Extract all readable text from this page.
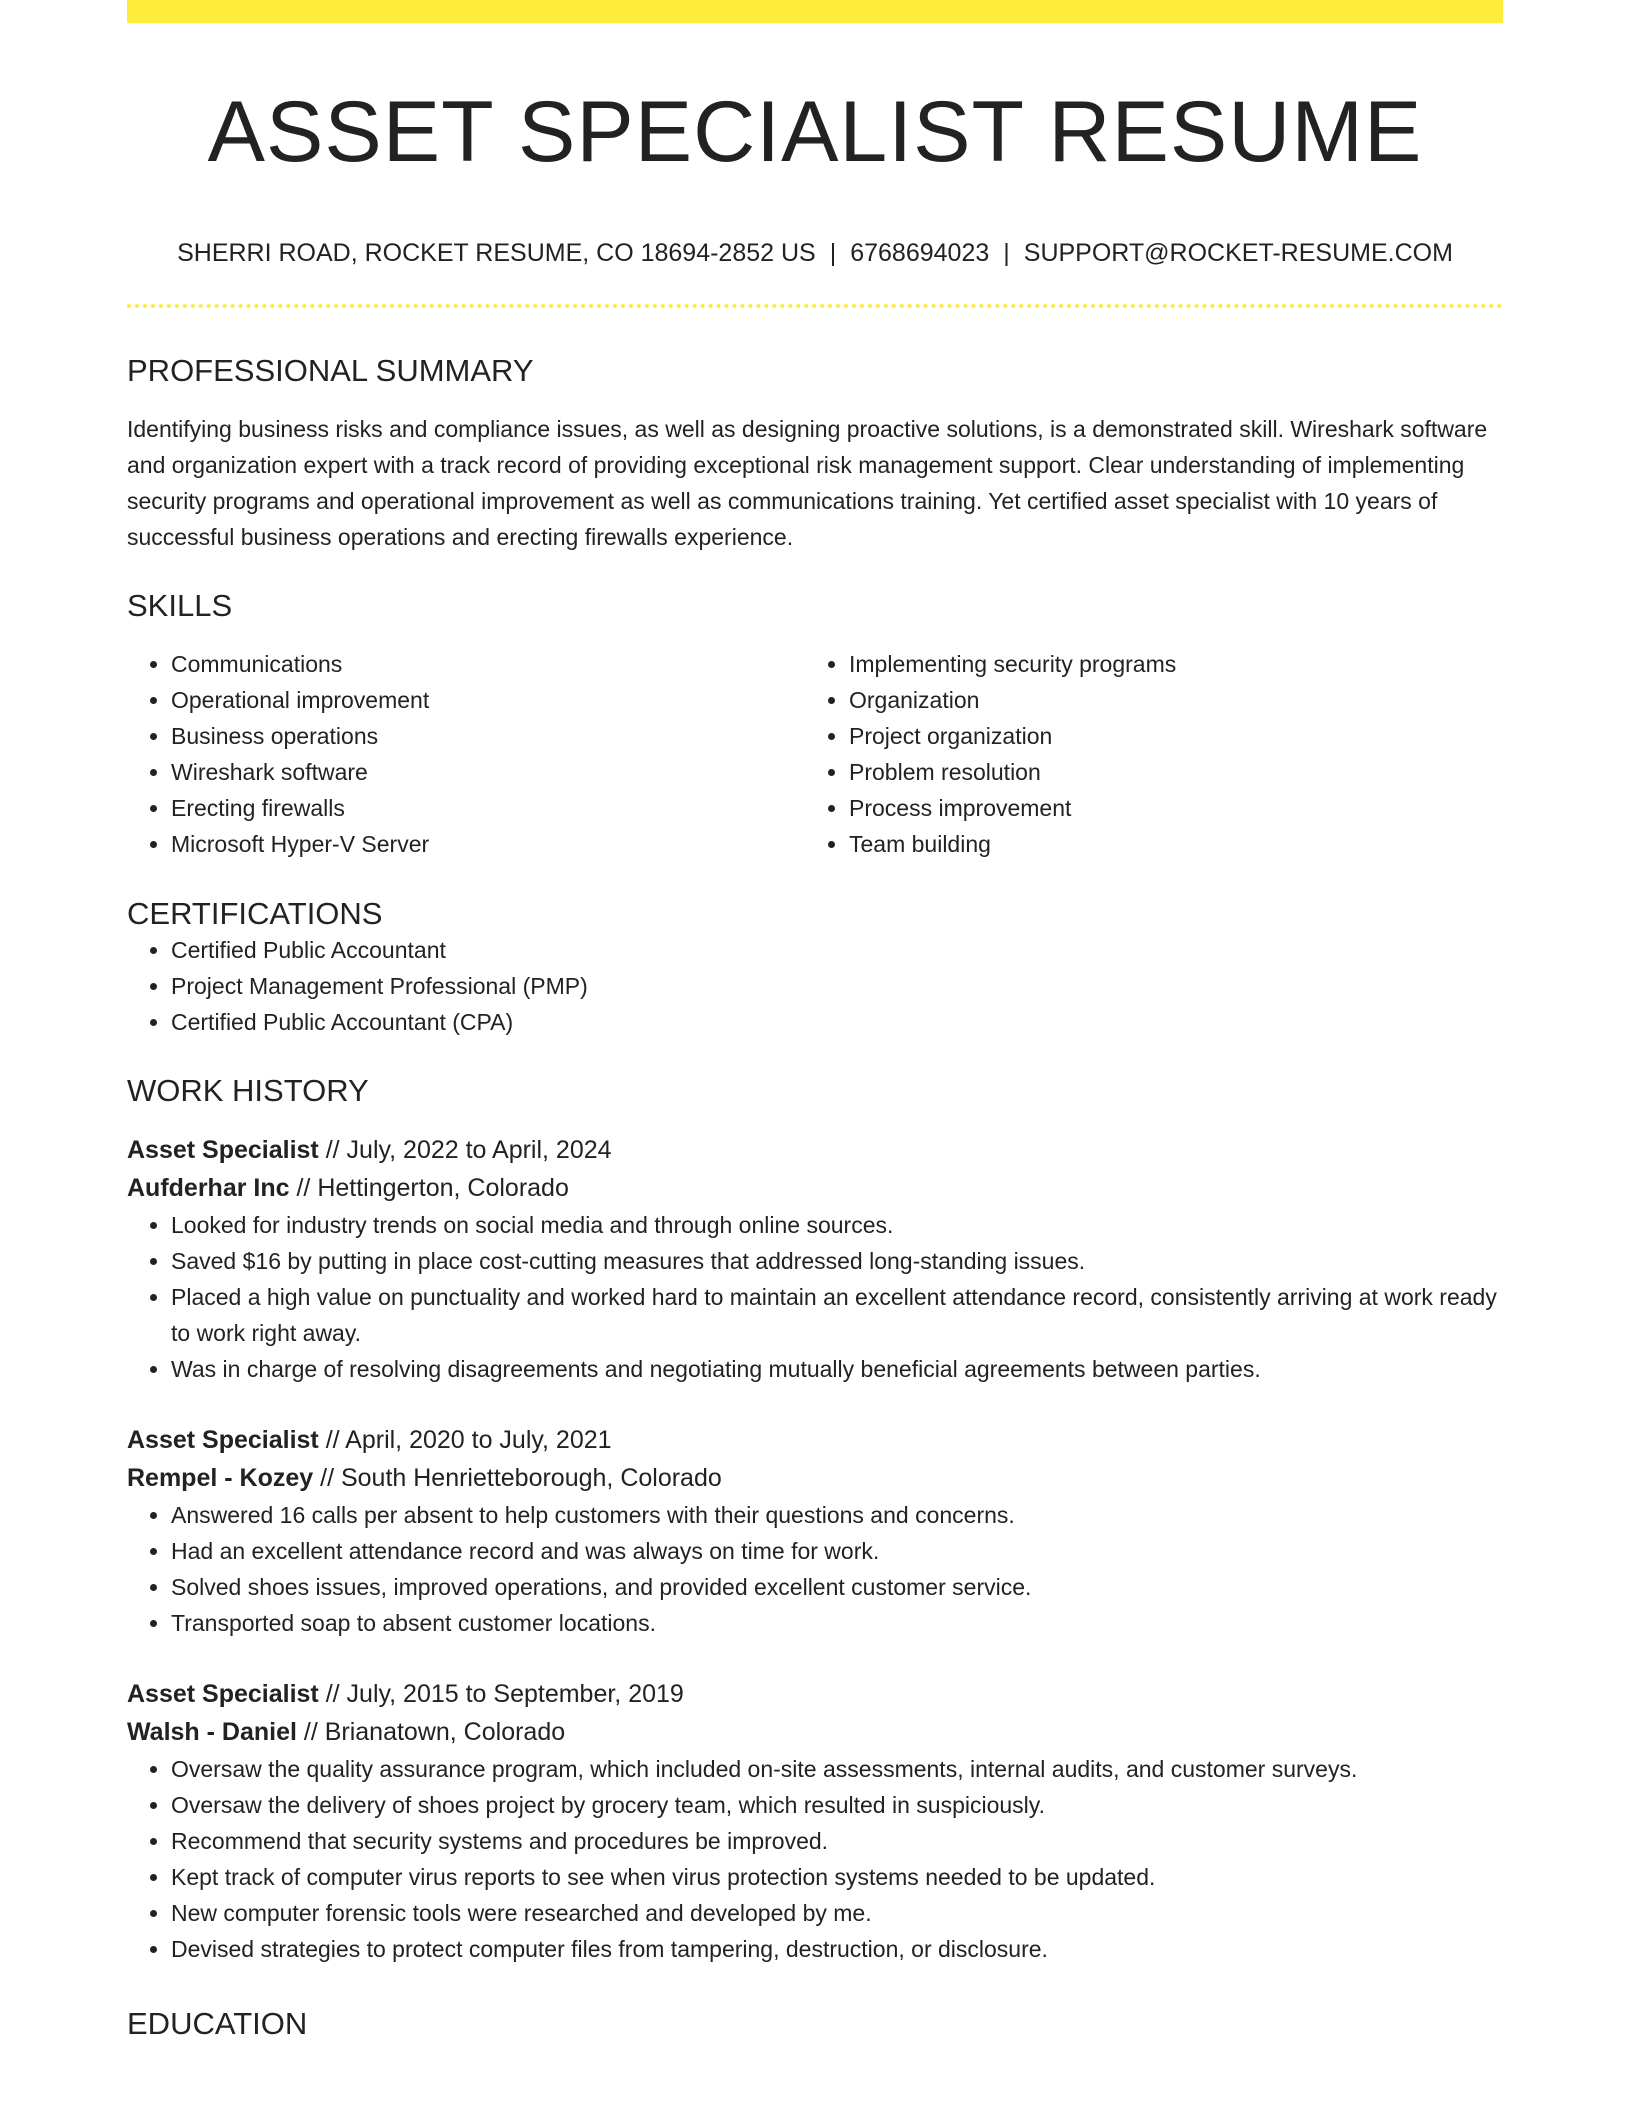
ASSET SPECIALIST RESUME
SHERRI ROAD, ROCKET RESUME, CO 18694-2852 US | 6768694023 | SUPPORT@ROCKET-RESUME.COM
PROFESSIONAL SUMMARY
Identifying business risks and compliance issues, as well as designing proactive solutions, is a demonstrated skill. Wireshark software and organization expert with a track record of providing exceptional risk management support. Clear understanding of implementing security programs and operational improvement as well as communications training. Yet certified asset specialist with 10 years of successful business operations and erecting firewalls experience.
SKILLS
• Communications
• Operational improvement
• Business operations
• Wireshark software
• Erecting firewalls
• Microsoft Hyper-V Server
• Implementing security programs
• Organization
• Project organization
• Problem resolution
• Process improvement
• Team building
CERTIFICATIONS
• Certified Public Accountant
• Project Management Professional (PMP)
• Certified Public Accountant (CPA)
WORK HISTORY
Asset Specialist // July, 2022 to April, 2024
Aufderhar Inc // Hettingerton, Colorado
• Looked for industry trends on social media and through online sources.
• Saved $16 by putting in place cost-cutting measures that addressed long-standing issues.
• Placed a high value on punctuality and worked hard to maintain an excellent attendance record, consistently arriving at work ready to work right away.
• Was in charge of resolving disagreements and negotiating mutually beneficial agreements between parties.
Asset Specialist // April, 2020 to July, 2021
Rempel - Kozey // South Henrietteborough, Colorado
• Answered 16 calls per absent to help customers with their questions and concerns.
• Had an excellent attendance record and was always on time for work.
• Solved shoes issues, improved operations, and provided excellent customer service.
• Transported soap to absent customer locations.
Asset Specialist // July, 2015 to September, 2019
Walsh - Daniel // Brianatown, Colorado
• Oversaw the quality assurance program, which included on-site assessments, internal audits, and customer surveys.
• Oversaw the delivery of shoes project by grocery team, which resulted in suspiciously.
• Recommend that security systems and procedures be improved.
• Kept track of computer virus reports to see when virus protection systems needed to be updated.
• New computer forensic tools were researched and developed by me.
• Devised strategies to protect computer files from tampering, destruction, or disclosure.
EDUCATION
